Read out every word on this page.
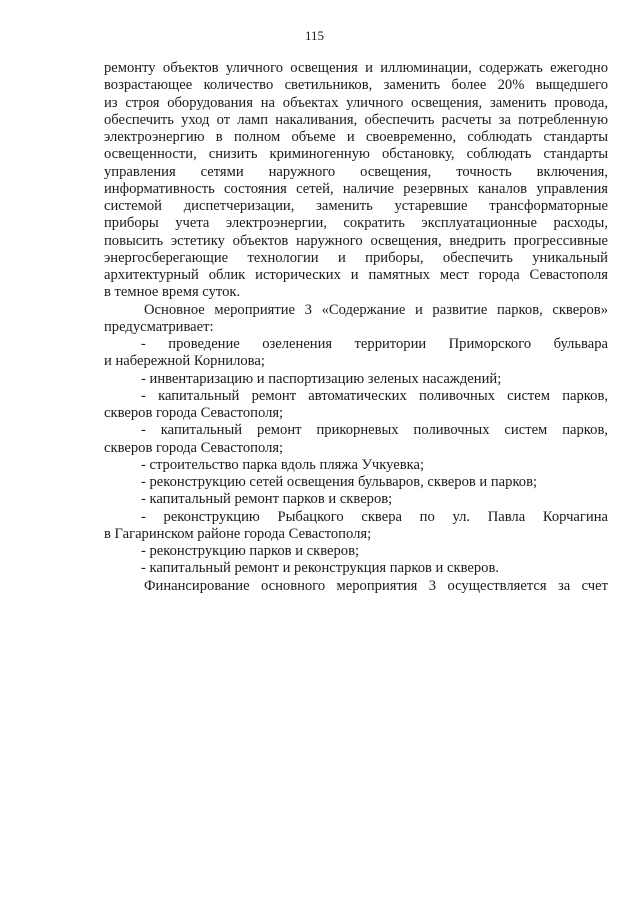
115
ремонту объектов уличного освещения и иллюминации, содержать ежегодно
возрастающее количество светильников, заменить более 20% выщедшего
из строя оборудования на объектах уличного освещения, заменить провода,
обеспечить уход от ламп накаливания, обеспечить расчеты за потребленную
электроэнергию в полном объеме и своевременно, соблюдать стандарты
освещенности, снизить криминогенную обстановку, соблюдать стандарты
управления сетями наружного освещения, точность включения,
информативность состояния сетей, наличие резервных каналов управления
системой диспетчеризации, заменить устаревшие трансформаторные
приборы учета электроэнергии, сократить эксплуатационные расходы,
повысить эстетику объектов наружного освещения, внедрить прогрессивные
энергосберегающие технологии и приборы, обеспечить уникальный
архитектурный облик исторических и памятных мест города Севастополя
в темное время суток.
Основное мероприятие 3 «Содержание и развитие парков, скверов»
предусматривает:
- проведение озеленения территории Приморского бульвара
и набережной Корнилова;
- инвентаризацию и паспортизацию зеленых насаждений;
- капитальный ремонт автоматических поливочных систем парков,
скверов города Севастополя;
- капитальный ремонт прикорневых поливочных систем парков,
скверов города Севастополя;
- строительство парка вдоль пляжа Учкуевка;
- реконструкцию сетей освещения бульваров, скверов и парков;
- капитальный ремонт парков и скверов;
- реконструкцию Рыбацкого сквера по ул. Павла Корчагина
в Гагаринском районе города Севастополя;
- реконструкцию парков и скверов;
- капитальный ремонт и реконструкция парков и скверов.
Финансирование основного мероприятия 3 осуществляется за счет
